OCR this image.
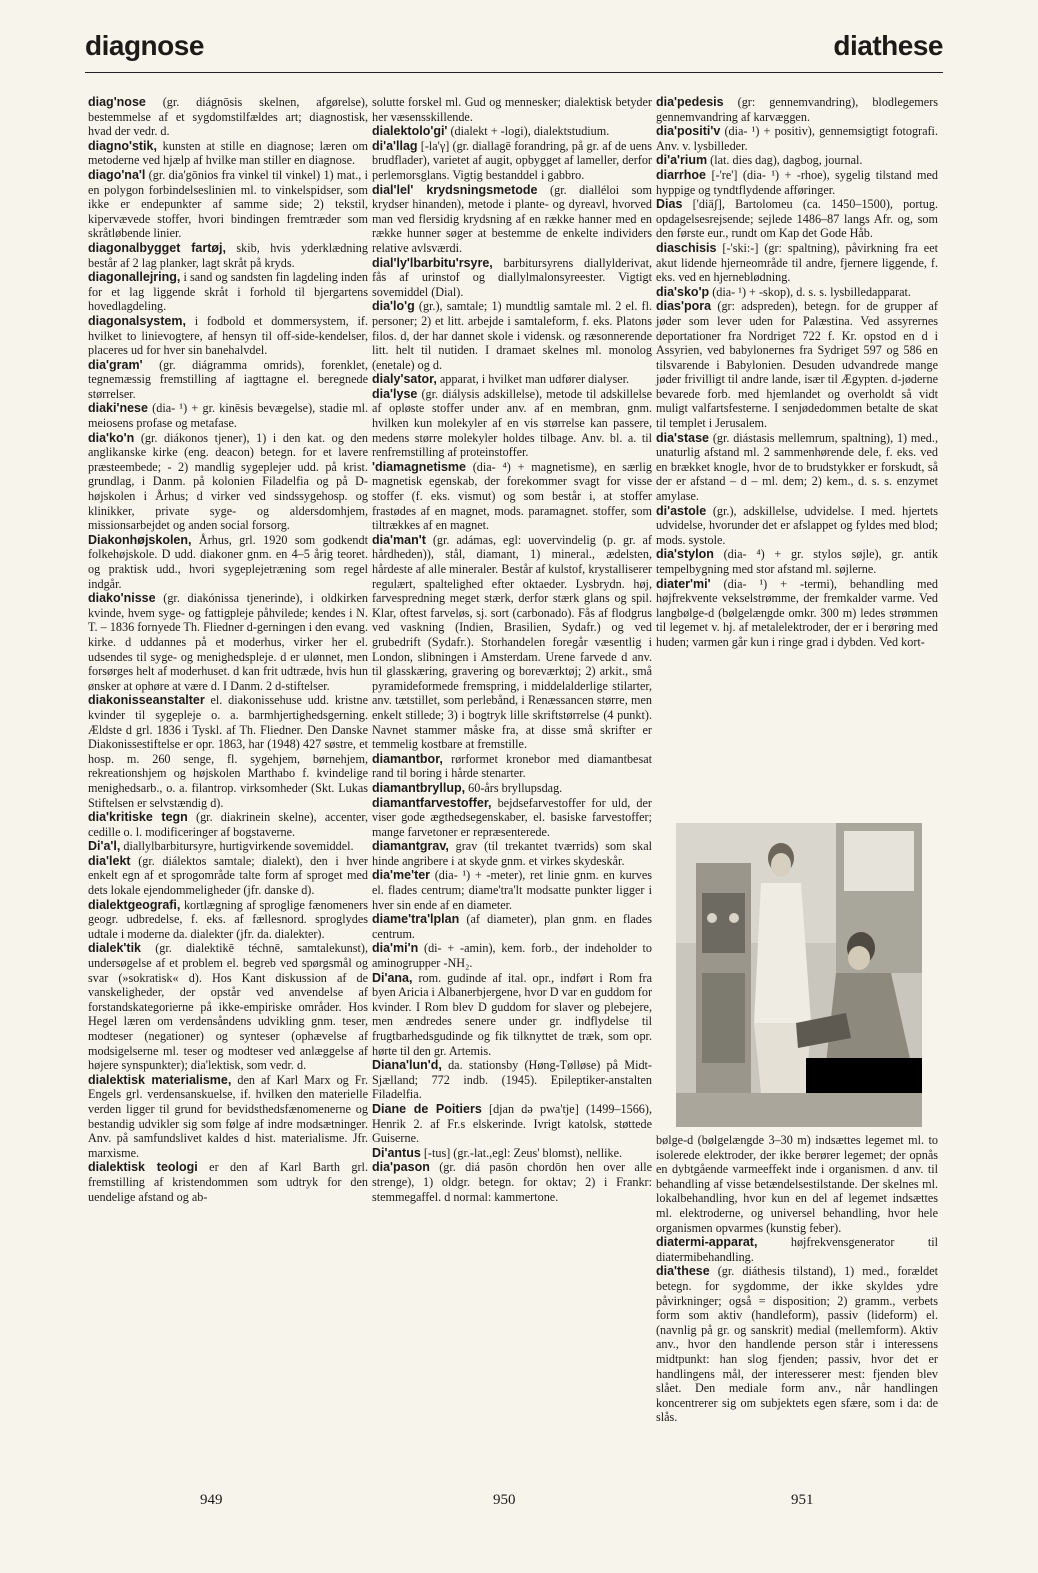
diagnose	diathese

diag'nose (gr. diágnōsis skelnen, afgørelse), bestemmelse af et sygdomstilfældes art; diagnostisk, hvad der vedr. d.

diagno'stik, kunsten at stille en diagnose; læren om metoderne ved hjælp af hvilke man stiller en diagnose.

diago'na'l (gr. dia'gōnios fra vinkel til vinkel) 1) mat., i en polygon forbindelseslinien ml. to vinkelspidser, som ikke er endepunkter af samme side; 2) tekstil, kipervævede stoffer, hvori bindingen fremtræder som skråtløbende linier.

diagonalbygget fartøj, skib, hvis yderklædning består af 2 lag planker, lagt skråt på kryds.

diagonallejring, i sand og sandsten fin lagdeling inden for et lag liggende skråt i forhold til bjergartens hovedlagdeling.

diagonalsystem, i fodbold et dommersystem, if. hvilket to linievogtere, af hensyn til off-side-kendelser, placeres ud for hver sin banehalvdel.

dia'gram' (gr. diágramma omrids), forenklet, tegnemæssig fremstilling af iagttagne el. beregnede størrelser.

diaki'nese (dia- ¹) + gr. kinēsis bevægelse), stadie ml. meiosens profase og metafase.

dia'ko'n (gr. diákonos tjener), 1) i den kat. og den anglikanske kirke (eng. deacon) betegn. for et lavere præsteembede; - 2) mandlig sygeplejer udd. på krist. grundlag, i Danm. på kolonien Filadelfia og på D-højskolen i Århus; d virker ved sindssygehosp. og klinikker, private syge- og aldersdomhjem, missionsarbejdet og anden social forsorg.

Diakonhøjskolen, Århus, grl. 1920 som godkendt folkehøjskole. D udd. diakoner gnm. en 4–5 årig teoret. og praktisk udd., hvori sygeplejetræning som regel indgår.

diako'nisse (gr. diakónissa tjenerinde), i oldkirken kvinde, hvem syge- og fattigpleje påhvilede; kendes i N. T. – 1836 fornyede Th. Fliedner d-gerningen i den evang. kirke. d uddannes på et moderhus, virker her el. udsendes til syge- og menighedspleje. d er ulønnet, men forsørges helt af moderhuset. d kan frit udtræde, hvis hun ønsker at ophøre at være d. I Danm. 2 d-stiftelser.

diakonisseanstalter el. diakonissehuse udd. kristne kvinder til sygepleje o. a. barmhjertighedsgerning. Ældste d grl. 1836 i Tyskl. af Th. Fliedner. Den Danske Diakonissestiftelse er opr. 1863, har (1948) 427 søstre, et hosp. m. 260 senge, fl. sygehjem, børnehjem, rekreationshjem og højskolen Marthabo f. kvindelige menighedsarb., o. a. filantrop. virksomheder (Skt. Lukas Stiftelsen er selvstændig d).

dia'kritiske tegn (gr. diakrinein skelne), accenter, cedille o. l. modificeringer af bogstaverne.

Di'a'l, diallylbarbitursyre, hurtigvirkende sovemiddel.

dia'lekt (gr. diálektos samtale; dialekt), den i hver enkelt egn af et sprogområde talte form af sproget med dets lokale ejendommeligheder (jfr. danske d).

dialektgeografi, kortlægning af sproglige fænomeners geogr. udbredelse, f. eks. af fællesnord. sproglydes udtale i moderne da. dialekter (jfr. da. dialekter).

dialek'tik (gr. dialektikē téchnē, samtalekunst), undersøgelse af et problem el. begreb ved spørgsmål og svar (»sokratisk« d). Hos Kant diskussion af de vanskeligheder, der opstår ved anvendelse af forstandskategorierne på ikke-empiriske områder. Hos Hegel læren om verdensåndens udvikling gnm. teser, modteser (negationer) og synteser (ophævelse af modsigelserne ml. teser og modteser ved anlæggelse af højere synspunkter); dia'lektisk, som vedr. d.

dialektisk materialisme, den af Karl Marx og Fr. Engels grl. verdensanskuelse, if. hvilken den materielle verden ligger til grund for bevidsthedsfænomenerne og bestandig udvikler sig som følge af indre modsætninger. Anv. på samfundslivet kaldes d hist. materialisme. Jfr. marxisme.

dialektisk teologi er den af Karl Barth grl. fremstilling af kristendommen som udtryk for den uendelige afstand og ab-

solutte forskel ml. Gud og mennesker; dialektisk betyder her væsensskillende.

dialektolo'gi' (dialekt + -logi), dialektstudium.

di'a'llag [-la'γ] (gr. diallagē forandring, på gr. af de uens brudflader), varietet af augit, opbygget af lameller, derfor perlemorsglans. Vigtig bestanddel i gabbro.

dial'lel' krydsningsmetode (gr. dialléloi som krydser hinanden), metode i plante- og dyreavl, hvorved man ved flersidig krydsning af en række hanner med en række hunner søger at bestemme de enkelte individers relative avlsværdi.

dial'ly'lbarbitu'rsyre, barbitursyrens diallylderivat, fås af urinstof og diallylmalonsyreester. Vigtigt sovemiddel (Dial).

dia'lo'g (gr.), samtale; 1) mundtlig samtale ml. 2 el. fl. personer; 2) et litt. arbejde i samtaleform, f. eks. Platons filos. d, der har dannet skole i vidensk. og ræsonnerende litt. helt til nutiden. I dramaet skelnes ml. monolog (enetale) og d.

dialy'sator, apparat, i hvilket man udfører dialyser.

dia'lyse (gr. diálysis adskillelse), metode til adskillelse af opløste stoffer under anv. af en membran, gnm. hvilken kun molekyler af en vis størrelse kan passere, medens større molekyler holdes tilbage. Anv. bl. a. til renfremstilling af proteinstoffer.

'diamagnetisme (dia- ⁴) + magnetisme), en særlig magnetisk egenskab, der forekommer svagt for visse stoffer (f. eks. vismut) og som består i, at stoffer frastødes af en magnet, mods. paramagnet. stoffer, som tiltrækkes af en magnet.

dia'man't (gr. adámas, egl: uovervindelig (p. gr. af hårdheden)), stål, diamant, 1) mineral., ædelsten, hårdeste af alle mineraler. Består af kulstof, krystalliserer regulært, spaltelighed efter oktaeder. Lysbrydn. høj, farvespredning meget stærk, derfor stærk glans og spil. Klar, oftest farveløs, sj. sort (carbonado). Fås af flodgrus ved vaskning (Indien, Brasilien, Sydafr.) og ved grubedrift (Sydafr.). Storhandelen foregår væsentlig i London, slibningen i Amsterdam. Urene farvede d anv. til glasskæring, gravering og boreværktøj; 2) arkit., små pyramideformede fremspring, i middelalderlige stilarter, anv. tætstillet, som perlebånd, i Renæssancen større, men enkelt stillede; 3) i bogtryk lille skriftstørrelse (4 punkt). Navnet stammer måske fra, at disse små skrifter er temmelig kostbare at fremstille.

diamantbor, rørformet kronebor med diamantbesat rand til boring i hårde stenarter.

diamantbryllup, 60-års bryllupsdag.

diamantfarvestoffer, bejdsefarvestoffer for uld, der viser gode ægthedsegenskaber, el. basiske farvestoffer; mange farvetoner er repræsenterede.

diamantgrav, grav (til trekantet tværrids) som skal hinde angribere i at skyde gnm. et virkes skydeskår.

dia'me'ter (dia- ¹) + -meter), ret linie gnm. en kurves el. flades centrum; diame'tra'lt modsatte punkter ligger i hver sin ende af en diameter.

diame'tra'lplan (af diameter), plan gnm. en flades centrum.

dia'mi'n (di- + -amin), kem. forb., der indeholder to aminogrupper -NH₂.

Di'ana, rom. gudinde af ital. opr., indført i Rom fra byen Aricia i Albanerbjergene, hvor D var en guddom for kvinder. I Rom blev D guddom for slaver og plebejere, men ændredes senere under gr. indflydelse til frugtbarhedsgudinde og fik tilknyttet de træk, som opr. hørte til den gr. Artemis.

Diana'lun'd, da. stationsby (Høng-Tølløse) på Midt-Sjælland; 772 indb. (1945). Epileptiker-anstalten Filadelfia.

Diane de Poitiers [djan də pwa'tje] (1499–1566), Henrik 2. af Fr.s elskerinde. Ivrigt katolsk, støttede Guiserne.

Di'antus [-tus] (gr.-lat.,egl: Zeus' blomst), nellike.

dia'pason (gr. diá pasōn chordōn hen over alle strenge), 1) oldgr. betegn. for oktav; 2) i Frankr: stemmegaffel. d normal: kammertone.

dia'pedesis (gr: gennemvandring), blodlegemers gennemvandring af karvæggen.

dia'positi'v (dia- ¹) + positiv), gennemsigtigt fotografi. Anv. v. lysbilleder.

di'a'rium (lat. dies dag), dagbog, journal.

diarrhoe [-'re'] (dia- ¹) + -rhoe), sygelig tilstand med hyppige og tyndtflydende afføringer.

Dias ['diäʃ], Bartolomeu (ca. 1450–1500), portug. opdagelsesrejsende; sejlede 1486–87 langs Afr. og, som den første eur., rundt om Kap det Gode Håb.

diaschisis [-'ski:-] (gr: spaltning), påvirkning fra eet akut lidende hjerneområde til andre, fjernere liggende, f. eks. ved en hjerneblødning.

dia'sko'p (dia- ¹) + -skop), d. s. s. lysbilledapparat.

dias'pora (gr: adspreden), betegn. for de grupper af jøder som lever uden for Palæstina. Ved assyrernes deportationer fra Nordriget 722 f. Kr. opstod en d i Assyrien, ved babylonernes fra Sydriget 597 og 586 en tilsvarende i Babylonien. Desuden udvandrede mange jøder frivilligt til andre lande, især til Ægypten. d-jøderne bevarede forb. med hjemlandet og overholdt så vidt muligt valfartsfesterne. I senjødedommen betalte de skat til templet i Jerusalem.

dia'stase (gr. diástasis mellemrum, spaltning), 1) med., unaturlig afstand ml. 2 sammenhørende dele, f. eks. ved en brækket knogle, hvor de to brudstykker er forskudt, så der er afstand – d – ml. dem; 2) kem., d. s. s. enzymet amylase.

di'astole (gr.), adskillelse, udvidelse. I med. hjertets udvidelse, hvorunder det er afslappet og fyldes med blod; mods. systole.

dia'stylon (dia- ⁴) + gr. stylos søjle), gr. antik tempelbygning med stor afstand ml. søjlerne.

diater'mi' (dia- ¹) + -termi), behandling med højfrekvente vekselstrømme, der fremkalder varme. Ved langbølge-d (bølgelængde omkr. 300 m) ledes strømmen til legemet v. hj. af metalelektroder, der er i berøring med huden; varmen går kun i ringe grad i dybden. Ved kort-

bølge-d (bølgelængde 3–30 m) indsættes legemet ml. to isolerede elektroder, der ikke berører legemet; der opnås en dybtgående varmeeffekt inde i organismen. d anv. til behandling af visse betændelsestilstande. Der skelnes ml. lokalbehandling, hvor kun en del af legemet indsættes ml. elektroderne, og universel behandling, hvor hele organismen opvarmes (kunstig feber).

diatermi-apparat, højfrekvensgenerator til diatermibehandling.

dia'these (gr. diáthesis tilstand), 1) med., forældet betegn. for sygdomme, der ikke skyldes ydre påvirkninger; også = disposition; 2) gramm., verbets form som aktiv (handleform), passiv (lideform) el. (navnlig på gr. og sanskrit) medial (mellemform). Aktiv anv., hvor den handlende person står i interessens midtpunkt: han slog fjenden; passiv, hvor det er handlingens mål, der interesserer mest: fjenden blev slået. Den mediale form anv., når handlingen koncentrerer sig om subjektets egen sfære, som i da: de slås.

949	950	951
